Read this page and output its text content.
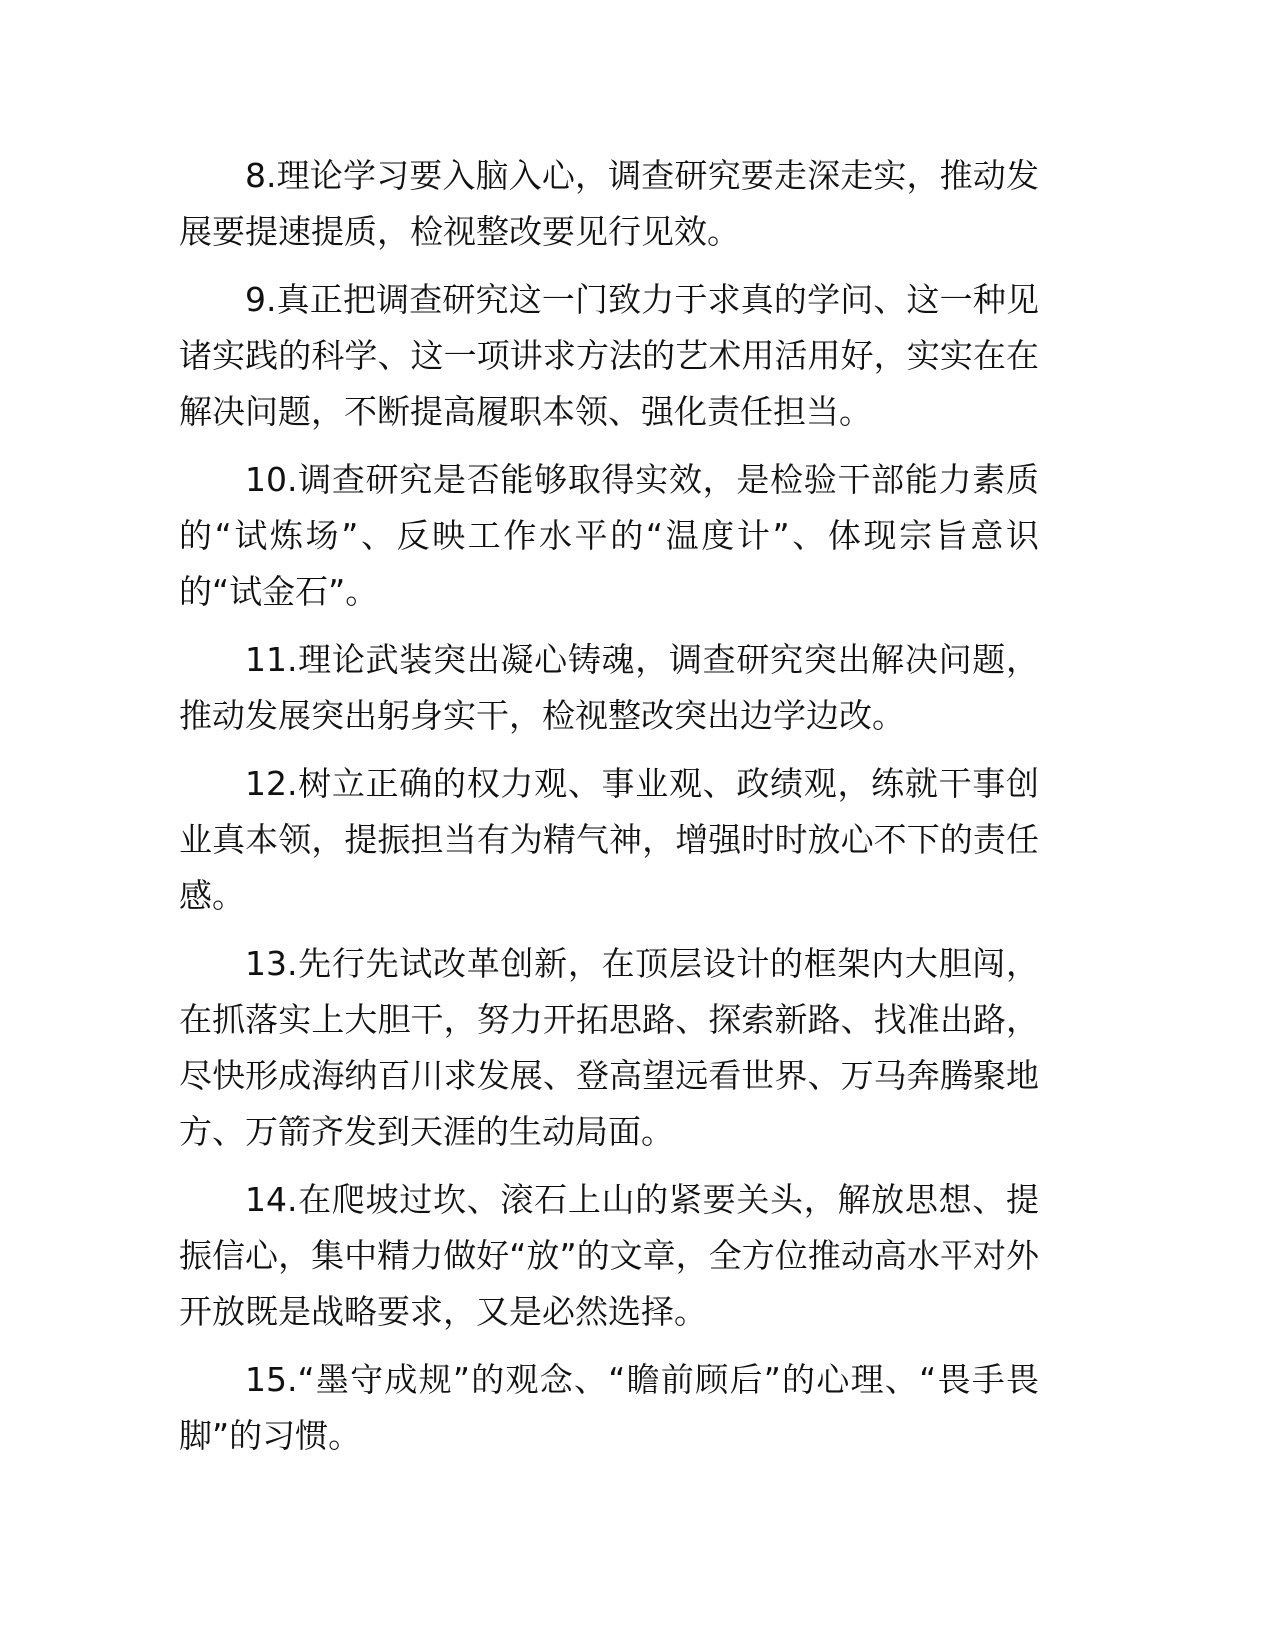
8.理论学习要入脑入心，调查研究要走深走实，推动发展要提速提质，检视整改要见行见效。

9.真正把调查研究这一门致力于求真的学问、这一种见诸实践的科学、这一项讲求方法的艺术用活用好，实实在在解决问题，不断提高履职本领、强化责任担当。

10.调查研究是否能够取得实效，是检验干部能力素质的“试炼场”、反映工作水平的“温度计”、体现宗旨意识的“试金石”。

11.理论武装突出凝心铸魂，调查研究突出解决问题，推动发展突出躬身实干，检视整改突出边学边改。

12.树立正确的权力观、事业观、政绩观，练就干事创业真本领，提振担当有为精气神，增强时时放心不下的责任感。

13.先行先试改革创新，在顶层设计的框架内大胆闯，在抓落实上大胆干，努力开拓思路、探索新路、找准出路，尽快形成海纳百川求发展、登高望远看世界、万马奔腾聚地方、万箭齐发到天涯的生动局面。

14.在爬坡过坎、滚石上山的紧要关头，解放思想、提振信心，集中精力做好“放”的文章，全方位推动高水平对外开放既是战略要求，又是必然选择。

15.“墨守成规”的观念、“瞻前顾后”的心理、“畏手畏脚”的习惯。
